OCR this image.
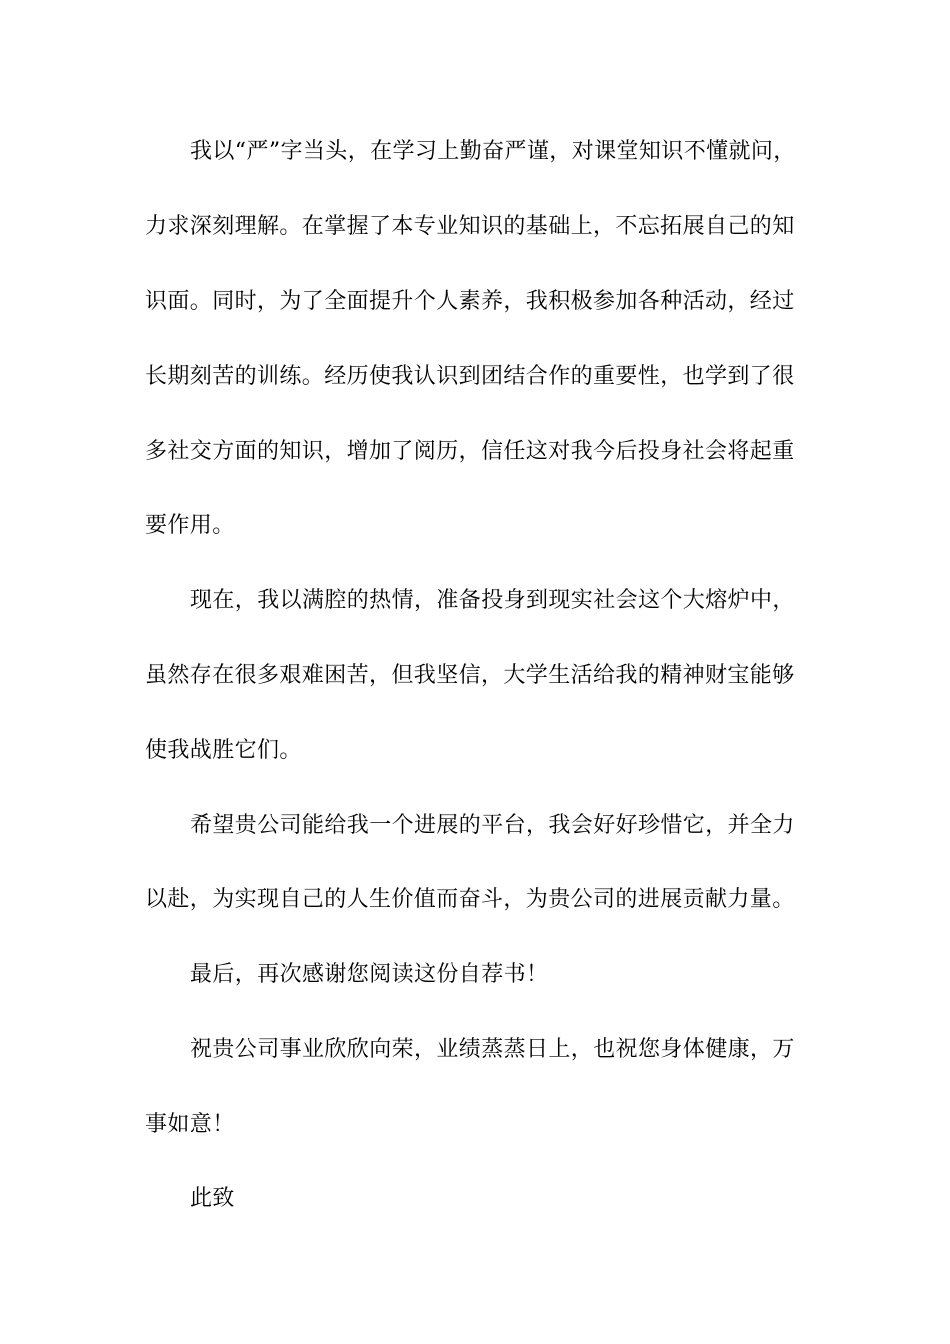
我以“严”字当头，在学习上勤奋严谨，对课堂知识不懂就问，
力求深刻理解。在掌握了本专业知识的基础上，不忘拓展自己的知
识面。同时，为了全面提升个人素养，我积极参加各种活动，经过
长期刻苦的训练。经历使我认识到团结合作的重要性，也学到了很
多社交方面的知识，增加了阅历，信任这对我今后投身社会将起重
要作用。
现在，我以满腔的热情，准备投身到现实社会这个大熔炉中，
虽然存在很多艰难困苦，但我坚信，大学生活给我的精神财宝能够
使我战胜它们。
希望贵公司能给我一个进展的平台，我会好好珍惜它，并全力
以赴，为实现自己的人生价值而奋斗，为贵公司的进展贡献力量。
最后，再次感谢您阅读这份自荐书！
祝贵公司事业欣欣向荣，业绩蒸蒸日上，也祝您身体健康，万
事如意！
此致
